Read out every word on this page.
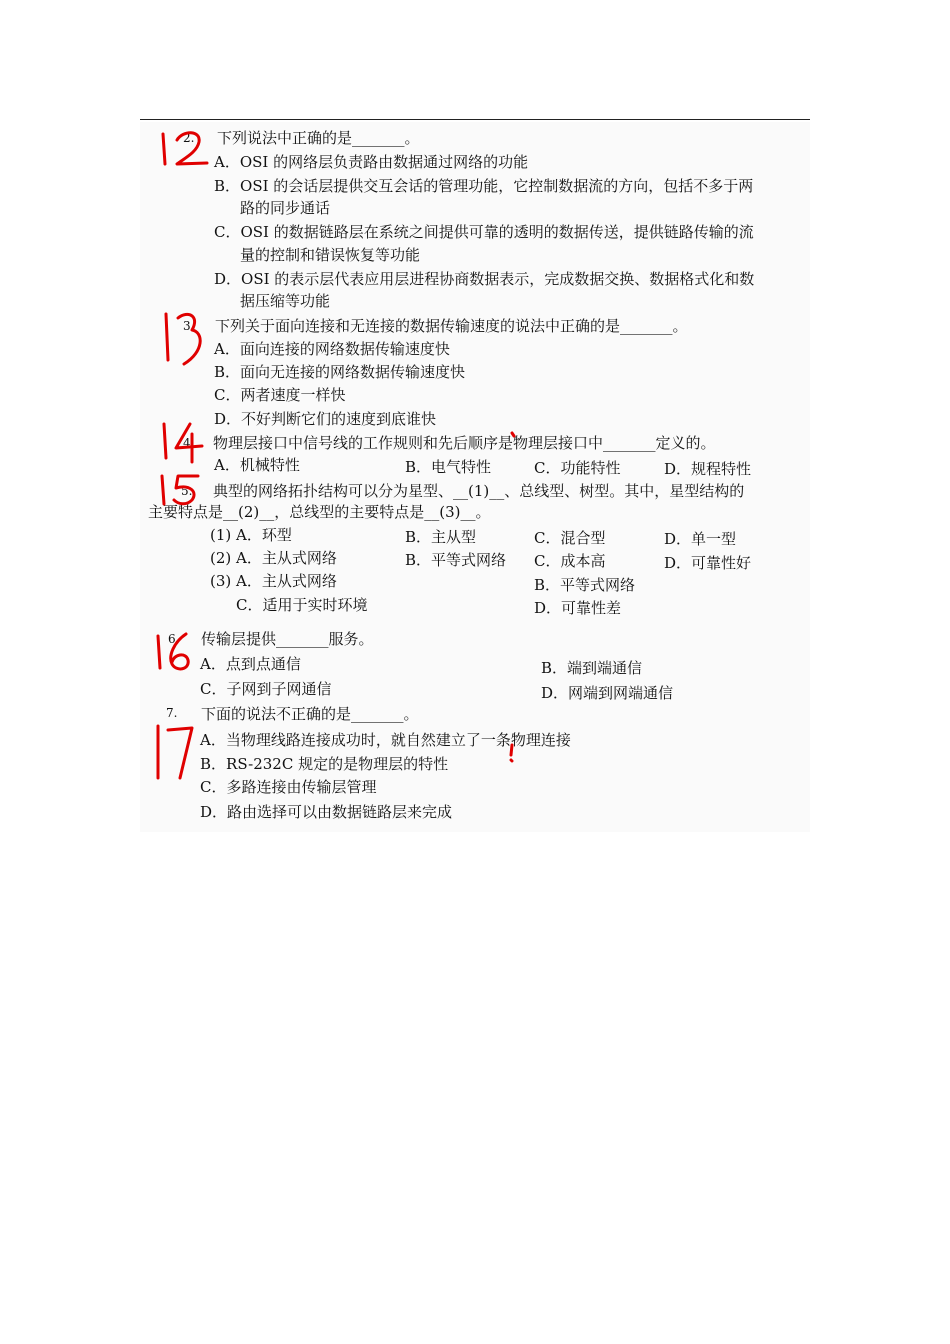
2. 下列说法中正确的是_______。
A．OSI 的网络层负责路由数据通过网络的功能
B．OSI 的会话层提供交互会话的管理功能，它控制数据流的方向，包括不多于两
路的同步通话
C．OSI 的数据链路层在系统之间提供可靠的透明的数据传送，提供链路传输的流
量的控制和错误恢复等功能
D．OSI 的表示层代表应用层进程协商数据表示，完成数据交换、数据格式化和数
据压缩等功能
3. 下列关于面向连接和无连接的数据传输速度的说法中正确的是_______。
A．面向连接的网络数据传输速度快
B．面向无连接的网络数据传输速度快
C．两者速度一样快
D．不好判断它们的速度到底谁快
4. 物理层接口中信号线的工作规则和先后顺序是物理层接口中_______定义的。
A．机械特性	B．电气特性	C．功能特性	D．规程特性
5. 典型的网络拓扑结构可以分为星型、__(1)__、总线型、树型。其中，星型结构的
主要特点是__(2)__，总线型的主要特点是__(3)__。
(1) A．环型	B．主从型	C．混合型	D．单一型
(2) A．主从式网络	B．平等式网络 C．成本高	D．可靠性好
(3) A．主从式网络	B．平等式网络
C．适用于实时环境	D．可靠性差
6. 传输层提供_______服务。
A．点到点通信	B．端到端通信
C．子网到子网通信	D．网端到网端通信
7. 下面的说法不正确的是_______。
A．当物理线路连接成功时，就自然建立了一条物理连接
B．RS-232C 规定的是物理层的特性
C．多路连接由传输层管理
D．路由选择可以由数据链路层来完成
